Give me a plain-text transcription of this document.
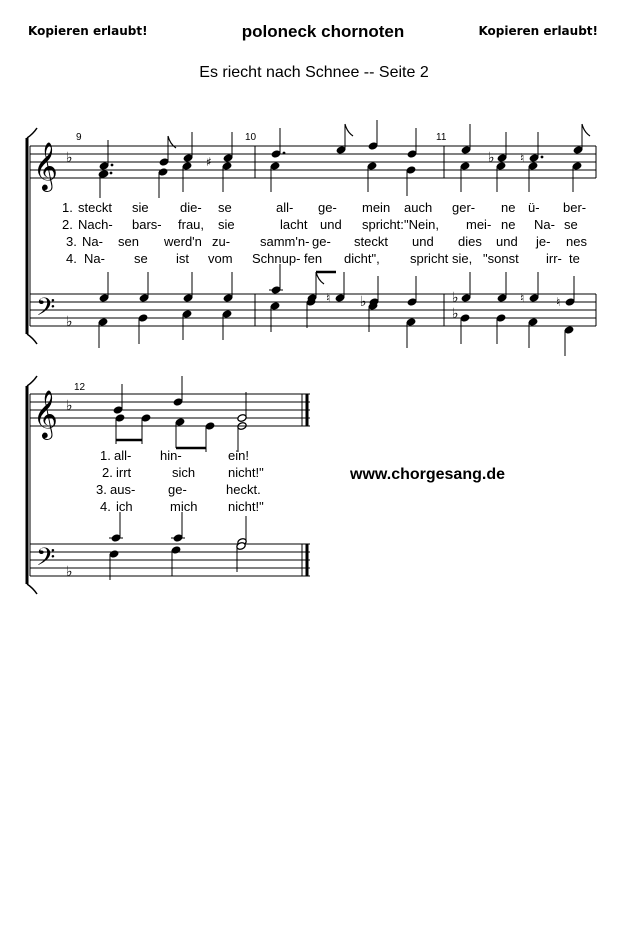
Kopieren erlaubt!	poloneck chornoten	Kopieren erlaubt!
Es riecht nach Schnee -- Seite 2
𝄞
𝄢
♭
♭
♯	♭ ♮
♮ ♭	♭
♭
♮	♮
𝄞
𝄢
♭
♭
9	10	11
12
1. steckt sie die- se	all- ge- mein auch ger- ne ü- ber-
2. Nach- bars- frau, sie	lacht und spricht: "Nein, mei- ne Na- se
3. Na- sen werd'n zu- samm'n- ge- steckt und dies und je- nes
4. Na- se ist vom Schnup- fen dicht", spricht sie, "sonst irr- te
1. all- hin-	ein!
2. irrt	sich	nicht!"
3. aus-	ge-	heckt.
4. ich	mich nicht!"
www.chorgesang.de
